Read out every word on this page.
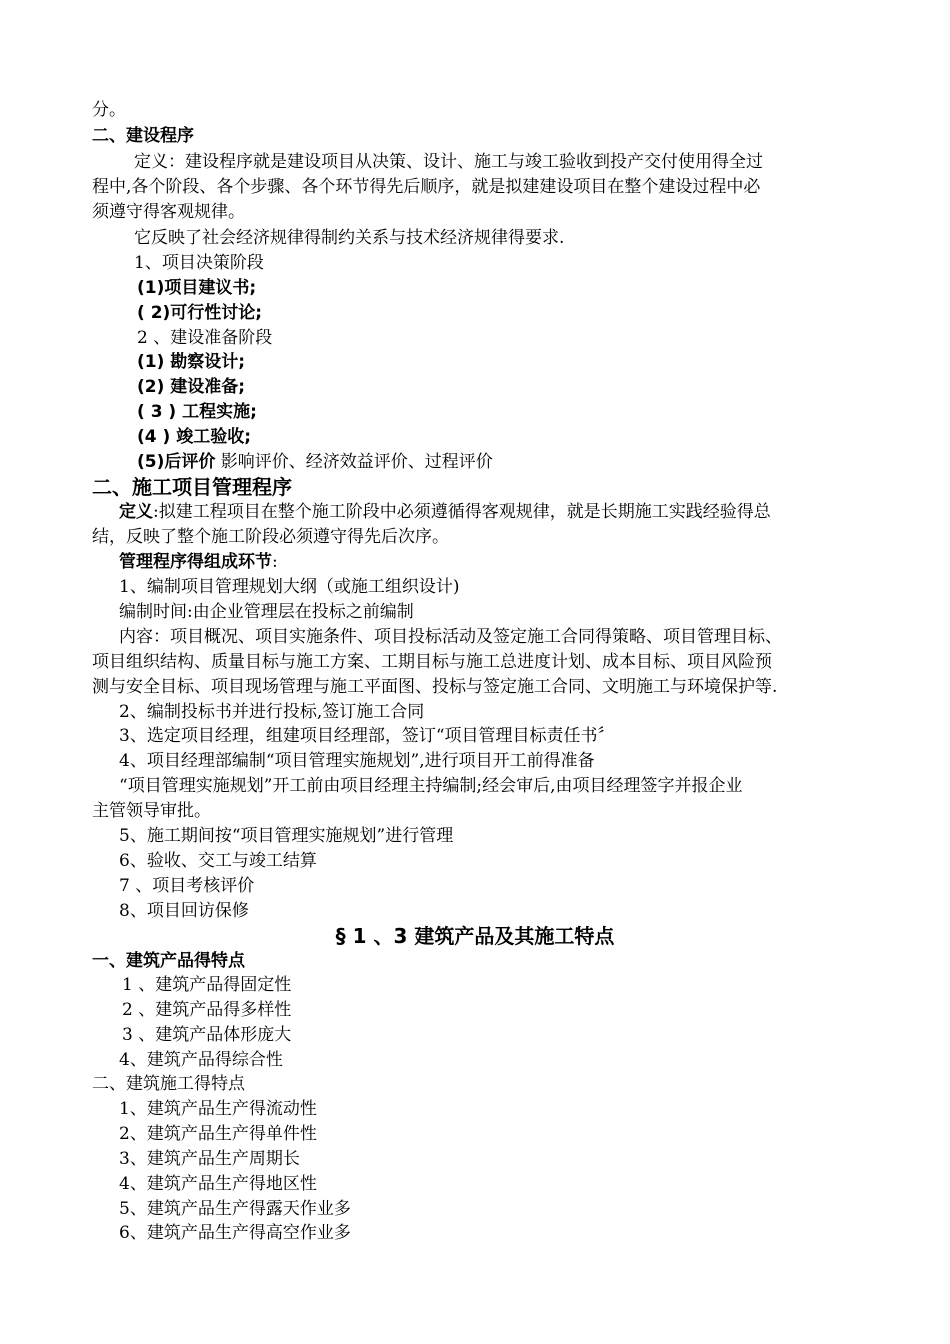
分。
二、建设程序
定义：建设程序就是建设项目从决策、设计、施工与竣工验收到投产交付使用得全过
程中,各个阶段、各个步骤、各个环节得先后顺序，就是拟建建设项目在整个建设过程中必
须遵守得客观规律。
它反映了社会经济规律得制约关系与技术经济规律得要求.
1、项目决策阶段
(1)项目建议书;
( 2)可行性讨论;
2 、建设准备阶段
(1) 勘察设计;
(2) 建设准备;
( 3 ) 工程实施;
(4 ) 竣工验收;
(5)后评价 影响评价、经济效益评价、过程评价
二、施工项目管理程序
定义:拟建工程项目在整个施工阶段中必须遵循得客观规律，就是长期施工实践经验得总
结，反映了整个施工阶段必须遵守得先后次序。
管理程序得组成环节:
1、编制项目管理规划大纲（或施工组织设计)
编制时间:由企业管理层在投标之前编制
内容：项目概况、项目实施条件、项目投标活动及签定施工合同得策略、项目管理目标、
项目组织结构、质量目标与施工方案、工期目标与施工总进度计划、成本目标、项目风险预
测与安全目标、项目现场管理与施工平面图、投标与签定施工合同、文明施工与环境保护等.
2、编制投标书并进行投标,签订施工合同
3、选定项目经理，组建项目经理部，签订“项目管理目标责任书〞
4、项目经理部编制“项目管理实施规划”,进行项目开工前得准备
“项目管理实施规划”开工前由项目经理主持编制;经会审后,由项目经理签字并报企业
主管领导审批。
5、施工期间按“项目管理实施规划”进行管理
6、验收、交工与竣工结算
7 、项目考核评价
8、项目回访保修
§ 1 、3 建筑产品及其施工特点
一、建筑产品得特点
1 、建筑产品得固定性
2 、建筑产品得多样性
3 、建筑产品体形庞大
4、建筑产品得综合性
二、建筑施工得特点
1、建筑产品生产得流动性
2、建筑产品生产得单件性
3、建筑产品生产周期长
4、建筑产品生产得地区性
5、建筑产品生产得露天作业多
6、建筑产品生产得高空作业多
